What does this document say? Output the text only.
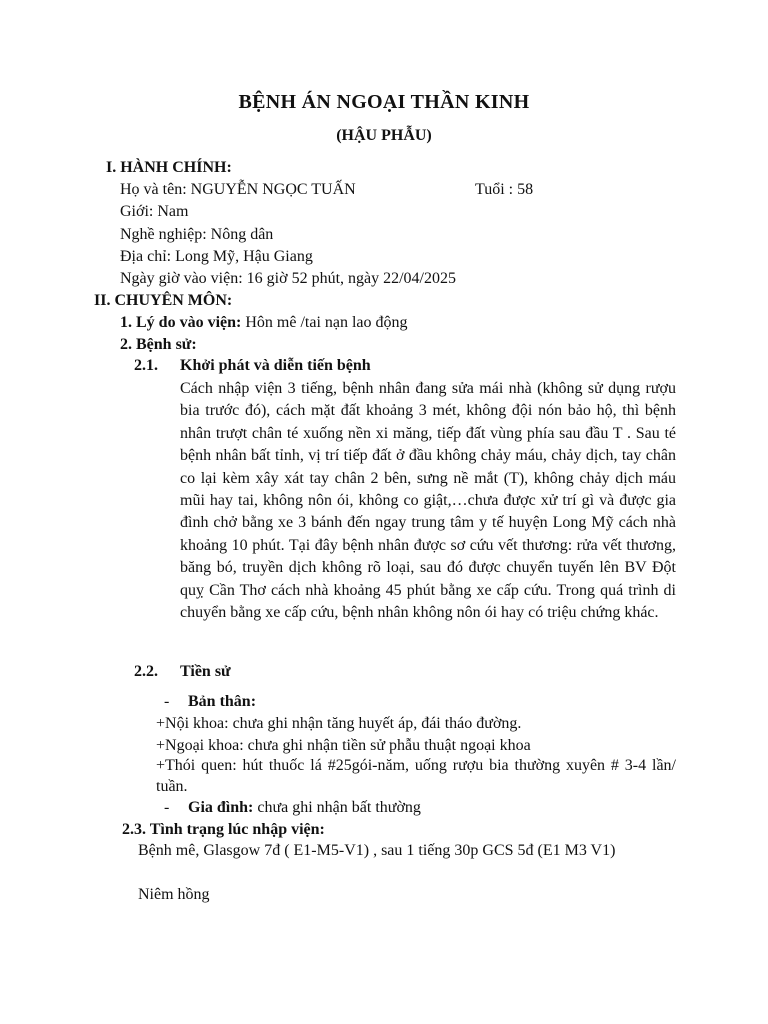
BỆNH ÁN NGOẠI THẦN KINH
(HẬU PHẪU)
I. HÀNH CHÍNH:
Họ và tên: NGUYỄN NGỌC TUẤN	Tuổi : 58
Giới: Nam
Nghề nghiệp: Nông dân
Địa chỉ: Long Mỹ, Hậu Giang
Ngày giờ vào viện: 16 giờ 52 phút, ngày 22/04/2025
II. CHUYÊN MÔN:
1. Lý do vào viện: Hôn mê /tai nạn lao động
2. Bệnh sử:
2.1. Khởi phát và diễn tiến bệnh
Cách nhập viện 3 tiếng, bệnh nhân đang sửa mái nhà (không sử dụng rượu bia trước đó), cách mặt đất khoảng 3 mét, không đội nón bảo hộ, thì bệnh nhân trượt chân té xuống nền xi măng, tiếp đất vùng phía sau đầu T . Sau té bệnh nhân bất tỉnh, vị trí tiếp đất ở đầu không chảy máu, chảy dịch, tay chân co lại kèm xây xát tay chân 2 bên, sưng nề mắt (T), không chảy dịch máu mũi hay tai, không nôn ói, không co giật,…chưa được xử trí gì và được gia đình chở bằng xe 3 bánh đến ngay trung tâm y tế huyện Long Mỹ cách nhà khoảng 10 phút. Tại đây bệnh nhân được sơ cứu vết thương: rửa vết thương, băng bó, truyền dịch không rõ loại, sau đó được chuyển tuyến lên BV Đột quỵ Cần Thơ cách nhà khoảng 45 phút bằng xe cấp cứu. Trong quá trình di chuyển bằng xe cấp cứu, bệnh nhân không nôn ói hay có triệu chứng khác.
2.2. Tiền sử
- Bản thân:
+Nội khoa: chưa ghi nhận tăng huyết áp, đái tháo đường.
+Ngoại khoa: chưa ghi nhận tiền sử phẫu thuật ngoại khoa
+Thói quen: hút thuốc lá #25gói-năm, uống rượu bia thường xuyên # 3-4 lần/ tuần.
- Gia đình: chưa ghi nhận bất thường
2.3. Tình trạng lúc nhập viện:
Bệnh mê, Glasgow 7đ ( E1-M5-V1) , sau 1 tiếng 30p GCS 5đ (E1 M3 V1)
Niêm hồng
